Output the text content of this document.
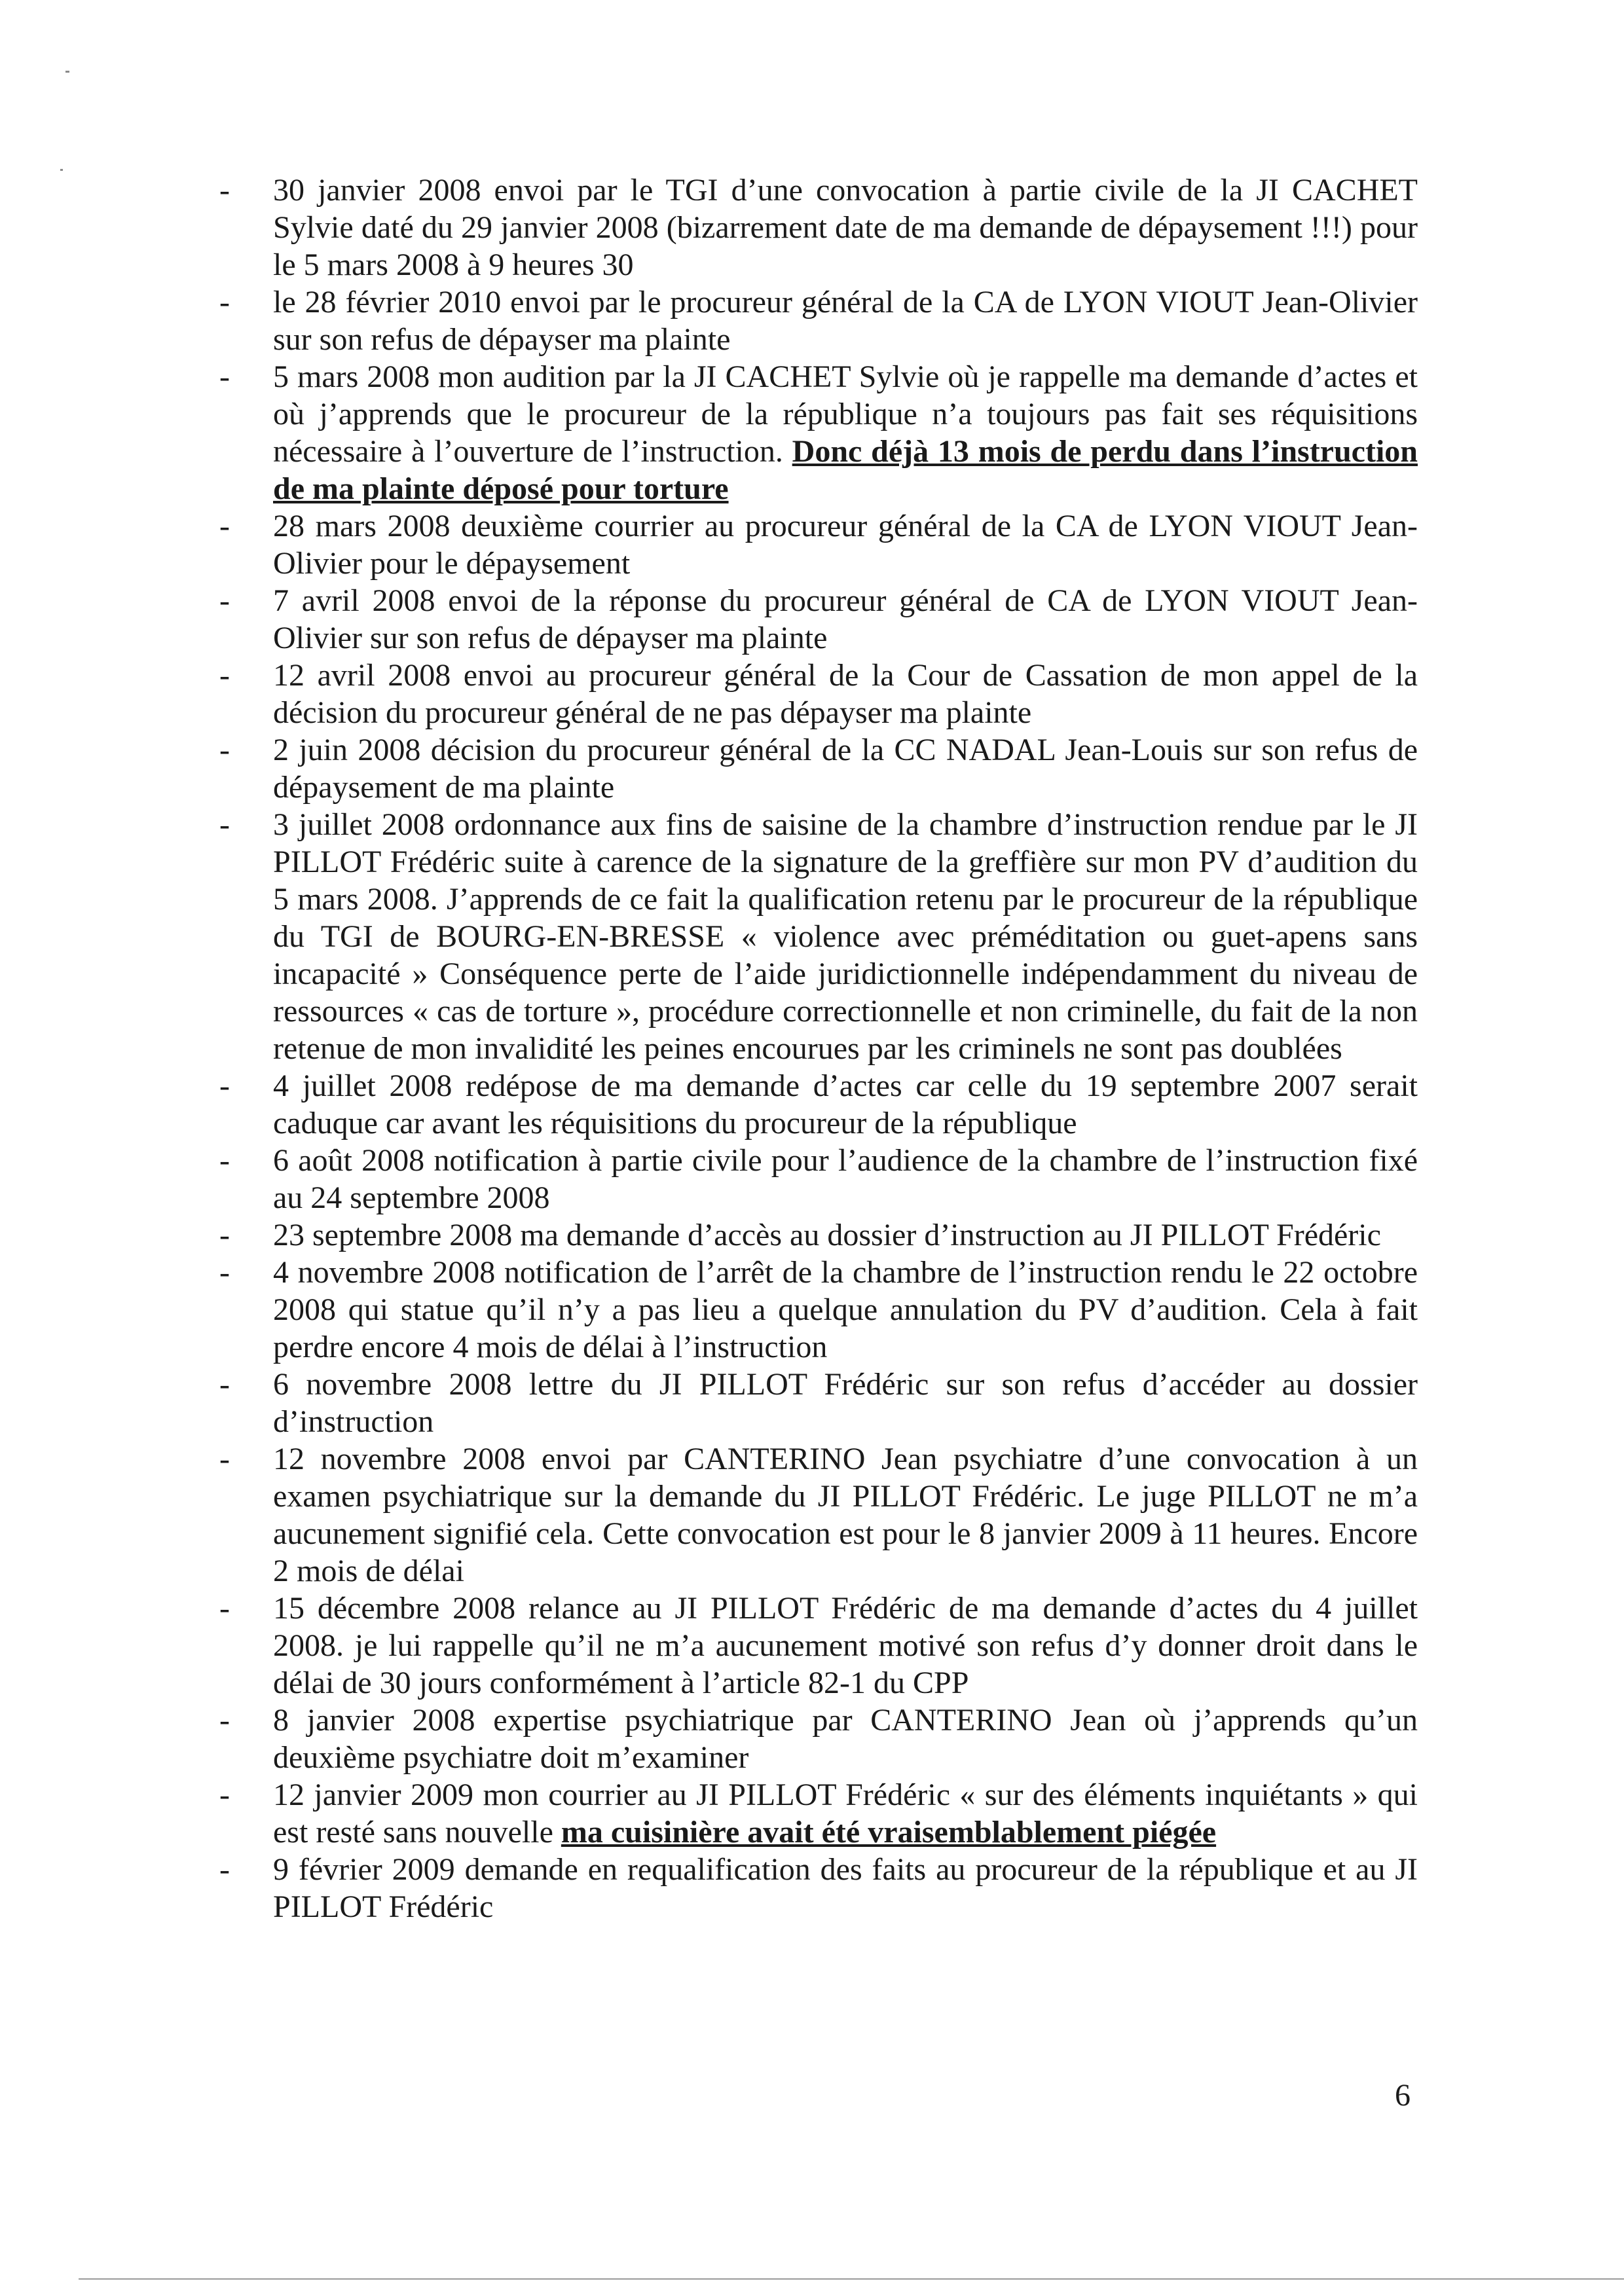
-	30 janvier 2008 envoi par le TGI d’une convocation à partie civile de la JI CACHET Sylvie daté du 29 janvier 2008 (bizarrement date de ma demande de dépaysement !!!) pour le 5 mars 2008 à 9 heures 30
-	le 28 février 2010 envoi par le procureur général de la CA de LYON VIOUT Jean-Olivier sur son refus de dépayser ma plainte
-	5 mars 2008 mon audition par la JI CACHET Sylvie où je rappelle ma demande d’actes et où j’apprends que le procureur de la république n’a toujours pas fait ses réquisitions nécessaire à l’ouverture de l’instruction. Donc déjà 13 mois de perdu dans l’instruction de ma plainte déposé pour torture
-	28 mars 2008 deuxième courrier au procureur général de la CA de LYON VIOUT Jean-Olivier pour le dépaysement
-	7 avril 2008 envoi de la réponse du procureur général de CA de LYON VIOUT Jean-Olivier sur son refus de dépayser ma plainte
-	12 avril 2008 envoi au procureur général de la Cour de Cassation de mon appel de la décision du procureur général de ne pas dépayser ma plainte
-	2 juin 2008 décision du procureur général de la CC NADAL Jean-Louis sur son refus de dépaysement de ma plainte
-	3 juillet 2008 ordonnance aux fins de saisine de la chambre d’instruction rendue par le JI PILLOT Frédéric suite à carence de la signature de la greffière sur mon PV d’audition du 5 mars 2008. J’apprends de ce fait la qualification retenu par le procureur de la république du TGI de BOURG-EN-BRESSE « violence avec préméditation ou guet-apens sans incapacité » Conséquence perte de l’aide juridictionnelle indépendamment du niveau de ressources « cas de torture », procédure correctionnelle et non criminelle, du fait de la non retenue de mon invalidité les peines encourues par les criminels ne sont pas doublées
-	4 juillet 2008 redépose de ma demande d’actes car celle du 19 septembre 2007 serait caduque car avant les réquisitions du procureur de la république
-	6 août 2008 notification à partie civile pour l’audience de la chambre de l’instruction fixé au 24 septembre 2008
-	23 septembre 2008 ma demande d’accès au dossier d’instruction au JI PILLOT Frédéric
-	4 novembre 2008 notification de l’arrêt de la chambre de l’instruction rendu le 22 octobre 2008 qui statue qu’il n’y a pas lieu a quelque annulation du PV d’audition. Cela à fait perdre encore 4 mois de délai à l’instruction
-	6 novembre 2008 lettre du JI PILLOT Frédéric sur son refus d’accéder au dossier d’instruction
-	12 novembre 2008 envoi par CANTERINO Jean psychiatre d’une convocation à un examen psychiatrique sur la demande du JI PILLOT Frédéric. Le juge PILLOT ne m’a aucunement signifié cela. Cette convocation est pour le 8 janvier 2009 à 11 heures. Encore 2 mois de délai
-	15 décembre 2008 relance au JI PILLOT Frédéric de ma demande d’actes du 4 juillet 2008. je lui rappelle qu’il ne m’a aucunement motivé son refus d’y donner droit dans le délai de 30 jours conformément à l’article 82-1 du CPP
-	8 janvier 2008 expertise psychiatrique par CANTERINO Jean où j’apprends qu’un deuxième psychiatre doit m’examiner
-	12 janvier 2009 mon courrier au JI PILLOT Frédéric « sur des éléments inquiétants » qui est resté sans nouvelle ma cuisinière avait été vraisemblablement piégée
-	9 février 2009 demande en requalification des faits au procureur de la république et au JI PILLOT Frédéric
6
